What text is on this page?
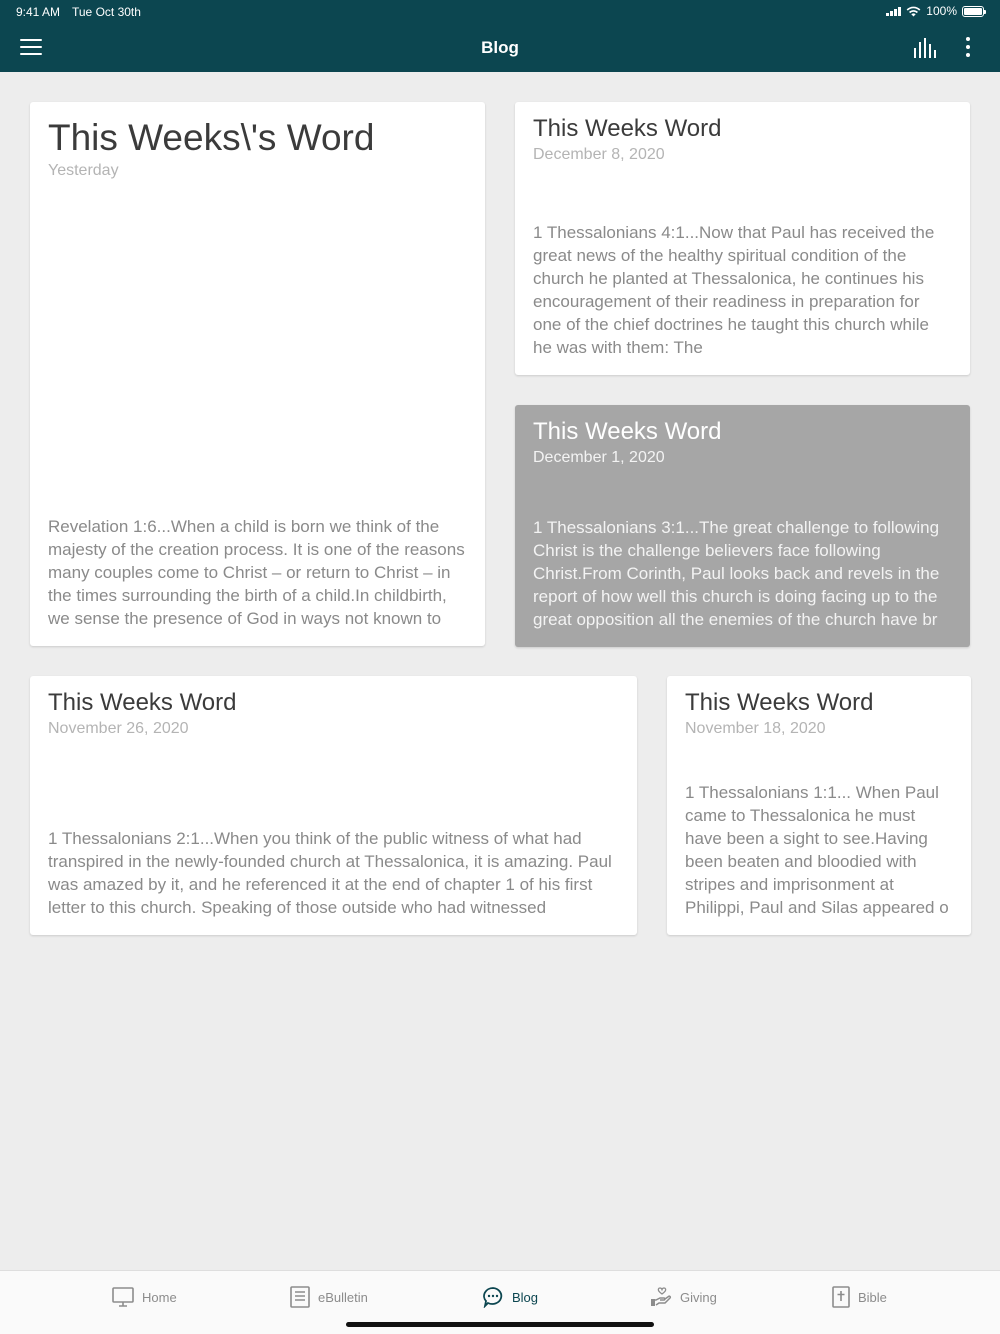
9:41 AM Tue Oct 30th	100%
Blog
This Weeks\'s Word
Yesterday
Revelation 1:6...When a child is born we think of the majesty of the creation process. It is one of the reasons many couples come to Christ – or return to Christ – in the times surrounding the birth of a child.In childbirth, we sense the presence of God in ways not known to
This Weeks Word
December 8, 2020
1 Thessalonians 4:1...Now that Paul has received the great news of the healthy spiritual condition of the church he planted at Thessalonica, he continues his encouragement of their readiness in preparation for one of the chief doctrines he taught this church while he was with them: The
This Weeks Word
December 1, 2020
1 Thessalonians 3:1...The great challenge to following Christ is the challenge believers face following Christ.From Corinth, Paul looks back and revels in the report of how well this church is doing facing up to the great opposition all the enemies of the church have br
This Weeks Word
November 26, 2020
1 Thessalonians 2:1...When you think of the public witness of what had transpired in the newly-founded church at Thessalonica, it is amazing. Paul was amazed by it, and he referenced it at the end of chapter 1 of his first letter to this church. Speaking of those outside who had witnessed
This Weeks Word
November 18, 2020
1 Thessalonians 1:1... When Paul came to Thessalonica he must have been a sight to see.Having been beaten and bloodied with stripes and imprisonment at Philippi, Paul and Silas appeared o
Home	eBulletin	Blog	Giving	Bible
